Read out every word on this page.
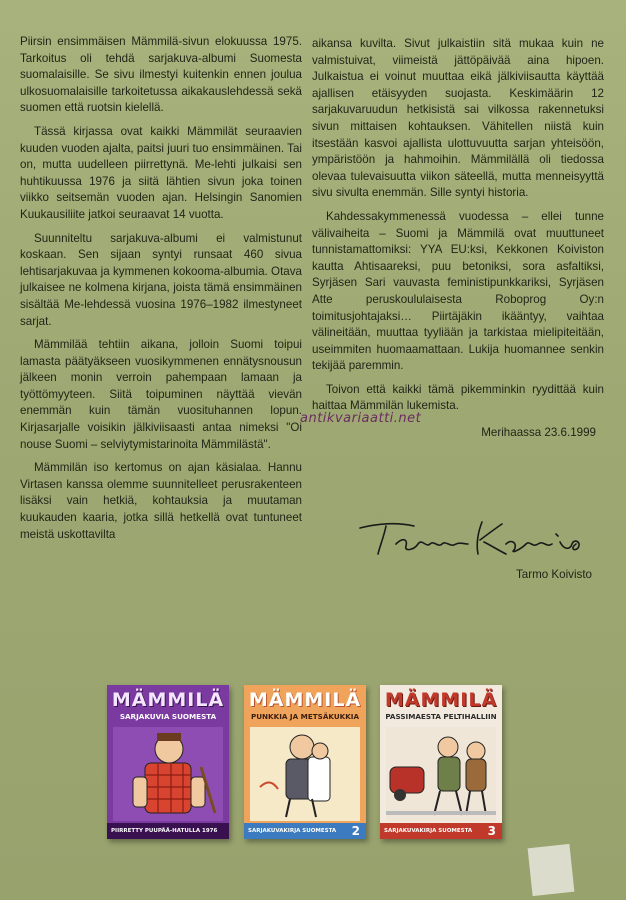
Piirsin ensimmäisen Mämmilä-sivun elokuussa 1975. Tarkoitus oli tehdä sarjakuva-albumi Suomesta suomalaisille. Se sivu ilmestyi kuitenkin ennen joulua ulkosuomalaisille tarkoitetussa aikakauslehdessä sekä suomen että ruotsin kielellä.

Tässä kirjassa ovat kaikki Mämmilät seuraavien kuuden vuoden ajalta, paitsi juuri tuo ensimmäinen. Tai on, mutta uudelleen piirrettynä. Me-lehti julkaisi sen huhtikuussa 1976 ja siitä lähtien sivun joka toinen viikko seitsemän vuoden ajan. Helsingin Sanomien Kuukausiliite jatkoi seuraavat 14 vuotta.

Suunniteltu sarjakuva-albumi ei valmistunut koskaan. Sen sijaan syntyi runsaat 460 sivua lehtisarjakuvaa ja kymmenen kokooma-albumia. Otava julkaisee ne kolmena kirjana, joista tämä ensimmäinen sisältää Me-lehdessä vuosina 1976–1982 ilmestyneet sarjat.

Mämmilää tehtiin aikana, jolloin Suomi toipui lamasta päätyäkseen vuosikymmenen ennätysnousun jälkeen monin verroin pahempaan lamaan ja työttömyyteen. Siitä toipuminen näyttää vievän enemmän kuin tämän vuosituhannen lopun. Kirjasarjalle voisikin jälkiviisaasti antaa nimeksi "Oi nouse Suomi – selviytymistarinoita Mämmilästä".

Mämmilän iso kertomus on ajan käsialaa. Hannu Virtasen kanssa olemme suunnitelleet perusrakenteen lisäksi vain hetkiä, kohtauksia ja muutaman kuukauden kaaria, jotka sillä hetkellä ovat tuntuneet meistä uskottavilta

aikansa kuvilta. Sivut julkaistiin sitä mukaa kuin ne valmistuivat, viimeistä jättöpäivää aina hipoen. Julkaistua ei voinut muuttaa eikä jälkiviisautta käyttää ajallisen etäisyyden suojasta. Keskimäärin 12 sarjakuvaruudun hetkisistä sai vilkossa rakennetuksi sivun mittaisen kohtauksen. Vähitellen niistä kuin itsestään kasvoi ajallista ulottuvuutta sarjan yhteisöön, ympäristöön ja hahmoihin. Mämmilällä oli tiedossa olevaa tulevaisuutta viikon säteellä, mutta menneisyyttä sivu sivulta enemmän. Sille syntyi historia.

Kahdessakymmenessä vuodessa – ellei tunne välivaiheita – Suomi ja Mämmilä ovat muuttuneet tunnistamattomiksi: YYA EU:ksi, Kekkonen Koiviston kautta Ahtisaareksi, puu betoniksi, sora asfaltiksi, Syrjäsen Sari vauvasta feministipunkkariksi, Syrjäsen Atte peruskoululaisesta Roboprog Oy:n toimitusjohtajaksi… Piirtäjäkin ikääntyy, vaihtaa välineitään, muuttaa tyyliään ja tarkistaa mielipiteitään, useimmiten huomaamattaan. Lukija huomannee senkin tekijää paremmin.

Toivon että kaikki tämä pikemminkin ryydittää kuin haittaa Mämmilän lukemista.

Merihaassa 23.6.1999
antikvariaatti.net
Tarmo Koivisto
MÄMMILÄ
SARJAKUVIA SUOMESTA
PIIRRETTY PUUPÄÄ-HATULLA 1976
MÄMMILÄ
PUNKKIA JA METSÄKUKKIA
SARJAKUVAKIRJA SUOMESTA	2
MÄMMILÄ
PASSIMAESTA PELTIHALLIIN
SARJAKUVAKIRJA SUOMESTA	3
